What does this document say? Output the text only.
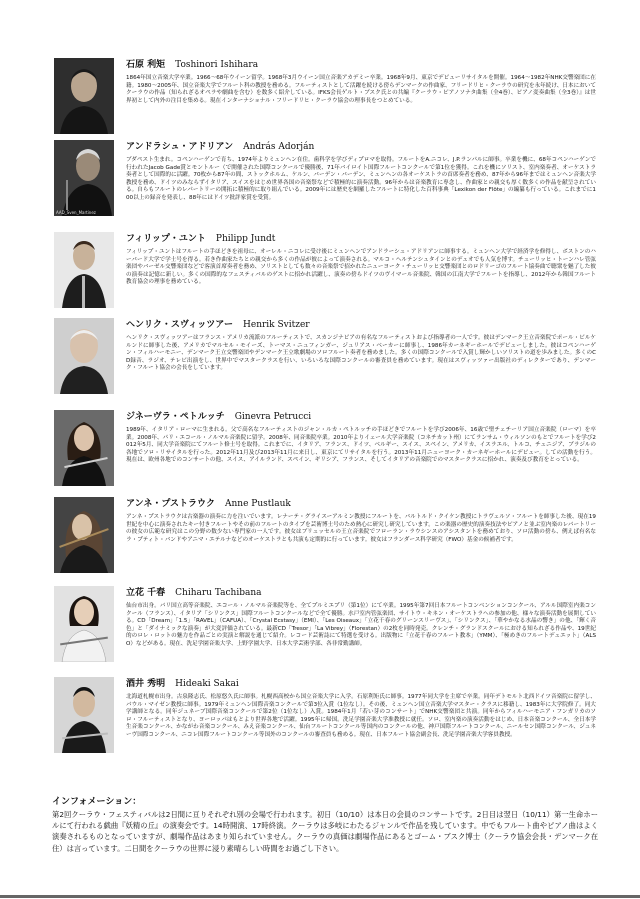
石原 利矩 Toshinori Ishihara

1864年国立音楽大学卒業。1966～68年ウイーン留学。1968年3月ウイーン国立音楽アカデミー卒業。1968年9月、東京でデビューリサイタルを開催。1964～1982年NHK交響楽団に在籍。1980～2005年、国立音楽大学でフルート科の教授を務める。フルーティストとして活躍を続ける傍らデンマークの作曲家、フリードリヒ・クーラウの研究を永年続け、日本においてクーラウの作品（知られざるオペラや劇曲を含む）を数多く紹介している。IFKS会長ゲルト・ブスク氏との共編『クーラウ・ピアノソナタ曲集（全4巻）、ピアノ変奏曲集（全3巻）』は世界初として内外の注目を集める。現在インターナショナル・フリードリヒ・クーラウ協会の理事長をつとめている。

AAD_Sven_Martinez
アンドラシュ・アドリアン András Adorján

ブダペスト生まれ。コペンハーゲンで育ち、1974年よりミュンヘン在住。歯科学を学びディプロマを取得。フルートをA.ニコレ、J.P.ランパルに師事。卒業を機に、68年コペンハーゲンで行われたJacob Gade賞とモントルー（で開催された国際コンクールで優勝後、71年バイロイト国際フルートコンクールで第1位を獲得。これを機にソリスト、室内楽奏者、オーケストラ奏者として国際的に活躍。70枚から87年の間、ストックホルム、ケルン、バーデン・バーデン、ミュンヘンの各オーケストラの首席奏者を務め、87年から96年まではミュンヘン音楽大学教授を務め、ドイツのみならずイタリア、スイスをはじめ世界各国の音楽祭などで積極的に演奏活動。96年からは音楽教育に専念し、作曲家との親交も厚く数多くの作品を献呈されている。自らもフルートのレパートリーの開拓に積極的に取り組んでいる。2009年には歴史を網羅したフルートに特化した百科事典「Lexikon der Flöte」の編纂も行っている。これまでに100以上の録音を発表し、88年にはドイツ批評家賞を受賞。

フィリップ・ユント Philipp Jundt

フィリップ・ユントはフルートの手ほどきを祖母に、オーレル・ニコレに受け後にミュンヘンでアンドラーシュ・アドリアンに師事する。ミュンヘン大学で経済学を修得し、ボストンのハーバード大学で学士号を得る。若き作曲家たちとの親交から多くの作品が彼によって演奏される。マルコ・ヘルテンシュタインとのデュオでも人気を博す。チューリッヒ・トーンハレ管弦楽団やバーゼル交響楽団などで客演首席奏者を務め、ソリストとしても数々の音楽祭で招かれたニューヨーク・チューリッヒ交響楽団とのロドリーゴのフルート協奏曲で聴衆を魅了した彼の演奏は記憶に新しい。多くの国際的なフェスティバルのゲストに招かれ活躍し、演奏の傍らドイツのヴイマール音楽院、韓国の江南大学でフルートを指導し、2012年から韓国フルート教育協会の理事を務めている。

ヘンリク・スヴィッツアー Henrik Svitzer

ヘンリク・スヴィッツアーはフランス・アメリカ流派のフルーティストで、スカンジナビアの有名なフルーティストおよび指導者の一人です。彼はデンマーク王立音楽院でポール・ビルケルンドに師事した後、アメリカでマルセル・モイーズ、トーマス・ニュフィンガー、ジュリアス・ベーカーに師事し、1986年カーネギーホールでデビューしました。彼はコペンハーゲン・フィルハーモニー、デンマーク王立交響楽団やデンマーク王立歌劇場のソロフルート奏者を務めました。多くの国際コンクールで入賞し輝かしいソリストの道を歩みました。多くのCD録音、ラジオ、テレビ出演をし、世界中でマスタークラスを行い、いろいろな国際コンクールの審査員を務めています。現在はスヴィッツァー出版社のディレクターであり、デンマーク・フルート協会の会長をしています。

ジネーヴラ・ペトルッチ Ginevra Petrucci

1989年、イタリア・ローマに生まれる。父で高名なフルーティストのジャン・ルカ・ペトルッチの手ほどきでフルートを学び2006年、16歳で聖チェチーリア国立音楽院（ローマ）を卒業。2008年、パリ・エコール・ノルマル音楽院に留学。2008年、同音楽院卒業。2010年よりイェール大学音楽院（コネチカット州）にてランサム・ウィルソンのもとでフルートを学び2012年5月、同大学音楽院にてフルート修士号を取得。これまでに、イタリア、フランス、ドイツ、ベルギー、スイス、スペイン、アメリカ、イスラエル、トルコ、チュニジア、ブラジルの各地でソロ・リサイタルを行った。2012年11月及び2013年11月に来日し、東京にてリサイタルを行う。2013年11月ニューヨーク・カーネギーホールにデビュー。しての活動を行う。現在は、欧州各地でのコンサートの他、スイス、アイルランド、スペイン、ギリシア、フランス、そしてイタリアの音楽院でのマスタークラスに招かれ、演奏及び教育をとっている。

アンネ・プストラウク Anne Pustlauk

アンネ・プストラウクは古楽器の演奏に力を注いでいます。レナーテ・グライスーアルミン教授にフルートを、バルトルド・クイケン教授にトラヴェルソ・フルートを師事した後、現在19世紀を中心に演奏されたキー付きフルートやその前のフルートのタイプを芸術博士号のため熱心に研究し研究しています。この楽器の歴史的演奏技法やピアノと並ぶ室内楽のレパートリーの彼女の広範な研究はこの分野の数少ない専門家の一人です。彼女はブリュッセルの王立音楽院でフローラン・ラウシンスのアシスタントを務めており、ソロ活動の傍ら、例えば有名なラ・プティト・バンドやアニマ・エテルナなどのオーケストラとも共演も定期的に行っています。彼女はフランダース科学研究（FWO）基金の候補者です。

立花 千春 Chiharu Tachibana

仙台市出身。パリ国立高等音楽院、エコール・ノルマル音楽院等を、全てプルミエプリ（第1位）にて卒業。1995年第7回日本フルートコンベンションコンクール、アルル国際室内楽コンクール（フランス）、イタリア「シリンクス」国際フルートコンクールなどで全て優勝。水戸室内管弦楽団、サイトウ・キネン・オーケストラへの参加の他、様々な演奏活動を展開している。CD「Dream」「1.5」「RAVEL」（CAFUA）、「Crystal Ecstasy」（EMI）、「Les Oiseaux」「立花千春のグリーンスリーヴス」、「シリンクス」、「華やかなる水晶の響き」の他、「輝く音色」と「ダイナミックな演奏」が大変評価されている。最新CD「Tresor」「La Vibrey」（Florestan）の2枚を同時発売。クレンチ・グランドスクールにおける知られざる作品や、19世紀的のロレ・ロットの魅力を作品ごとの実演と解説を通じて紹介。レコード芸術誌にて特選を受ける。出版物に「立花千春のフルート教本」（YMM）、「極めきのフルートデュエット」（ALSO）などがある。現在、洗足学園音楽大学、上野学園大学、日本大学芸術学部、各非常勤講師。

酒井 秀明 Hideaki Sakai

北海道札幌市出身。古泉隆志氏、松原悠久氏に師事。札幌西高校から国立音楽大学に入学。石原利矩氏に師事。1977年同大学を主席で卒業。同年デトモルト北西ドイツ音楽院に留学し、パウル・マイゼン教授に師事。1979年ミュンヘン国際音楽コンクールで第3位入賞（1位なし）。その後、ミュンヘン国立音楽大学マスター・クラスに移籍し、1983年に大学院修了。同大学講師となる。同年ジュネーブ国際音楽コンクールで第2位（1位なし）入賞。1984年1月「若い芽のコンサート」でNHK交響楽団と共演。同年からフィルハーモニア・フンガリカのソロ・フルーティストとなり、ヨーロッパはもとより世界各地で活躍。1995年に帰国。洗足学園音楽大学准教授に就任。ソロ、室内楽の演奏活動をはじめ、日本音楽コンクール、全日本学生音楽コンクール、かながわ音楽コンクール、みえ音楽コンクール、仙台フルートコンクール等国内のコンクールの他、神戸国際フルートコンクール、ニールセン国際コンクール、ジュネーヴ国際コンクール、ニコレ国際フルートコンクール等国外のコンクールの審査員も務める。現在、日本フルート協会副会長、洗足学園音楽大学客員教授。

インフォメーション：

第2回クーラウ・フェスティバルは2日間に亘りそれぞれ別の会場で行われます。初日（10/10）は本日の会員のコンサートです。2日目は翌日（10/11）第一生命ホールにて行われる戯曲『妖精の丘』の演奏会です。14時開演、17時終演。クーラウは多岐にわたるジャンルで作品を残しています。中でもフルート曲やピアノ曲はよく演奏されるものとなっていますが、劇場作品はあまり知られていません。クーラウの真価は劇場作品にあるとゴーム・ブスク博士（クーラウ協会会長・デンマーク在住）は言っています。二日間をクーラウの世界に浸り素晴らしい時間をお過ごし下さい。
